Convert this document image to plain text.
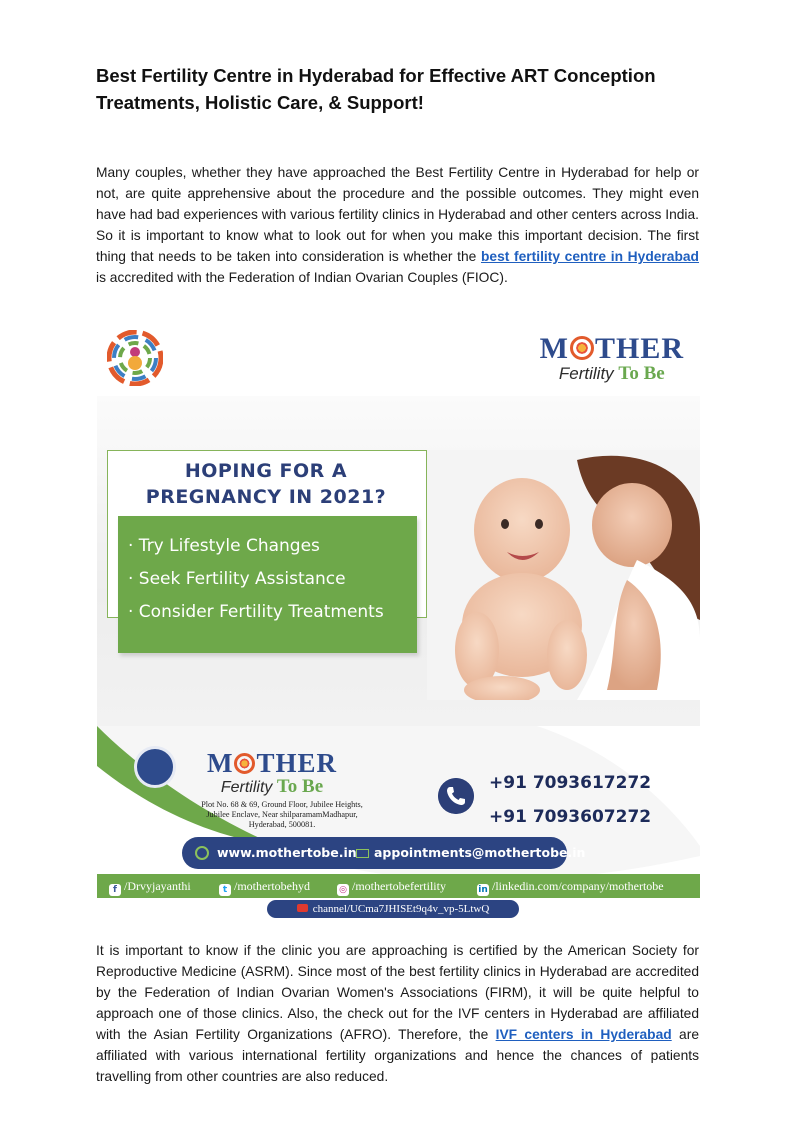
Best Fertility Centre in Hyderabad for Effective ART Conception Treatments, Holistic Care, & Support!

Many couples, whether they have approached the Best Fertility Centre in Hyderabad for help or not, are quite apprehensive about the procedure and the possible outcomes. They might even have had bad experiences with various fertility clinics in Hyderabad and other centers across India. So it is important to know what to look out for when you make this important decision. The first thing that needs to be taken into consideration is whether the best fertility centre in Hyderabad is accredited with the Federation of Indian Ovarian Couples (FIOC).

M THER
Fertility To Be
HOPING FOR A
PREGNANCY IN 2021?
· Try Lifestyle Changes
· Seek Fertility Assistance
· Consider Fertility Treatments
M THER
Fertility To Be
Plot No. 68 & 69, Ground Floor, Jubilee Heights,
Jubilee Enclave, Near shilparamamMadhapur,
Hyderabad, 500081.
+91 7093617272
+91 7093607272
www.mothertobe.in appointments@mothertobe.in
f /Drvyjayanthi	t /mothertobehyd	◎ /mothertobefertility	in /linkedin.com/company/mothertobe
channel/UCma7JHISEt9q4v_vp-5LtwQ

It is important to know if the clinic you are approaching is certified by the American Society for Reproductive Medicine (ASRM). Since most of the best fertility clinics in Hyderabad are accredited by the Federation of Indian Ovarian Women's Associations (FIRM), it will be quite helpful to approach one of those clinics. Also, the check out for the IVF centers in Hyderabad are affiliated with the Asian Fertility Organizations (AFRO). Therefore, the IVF centers in Hyderabad are affiliated with various international fertility organizations and hence the chances of patients travelling from other countries are also reduced.
